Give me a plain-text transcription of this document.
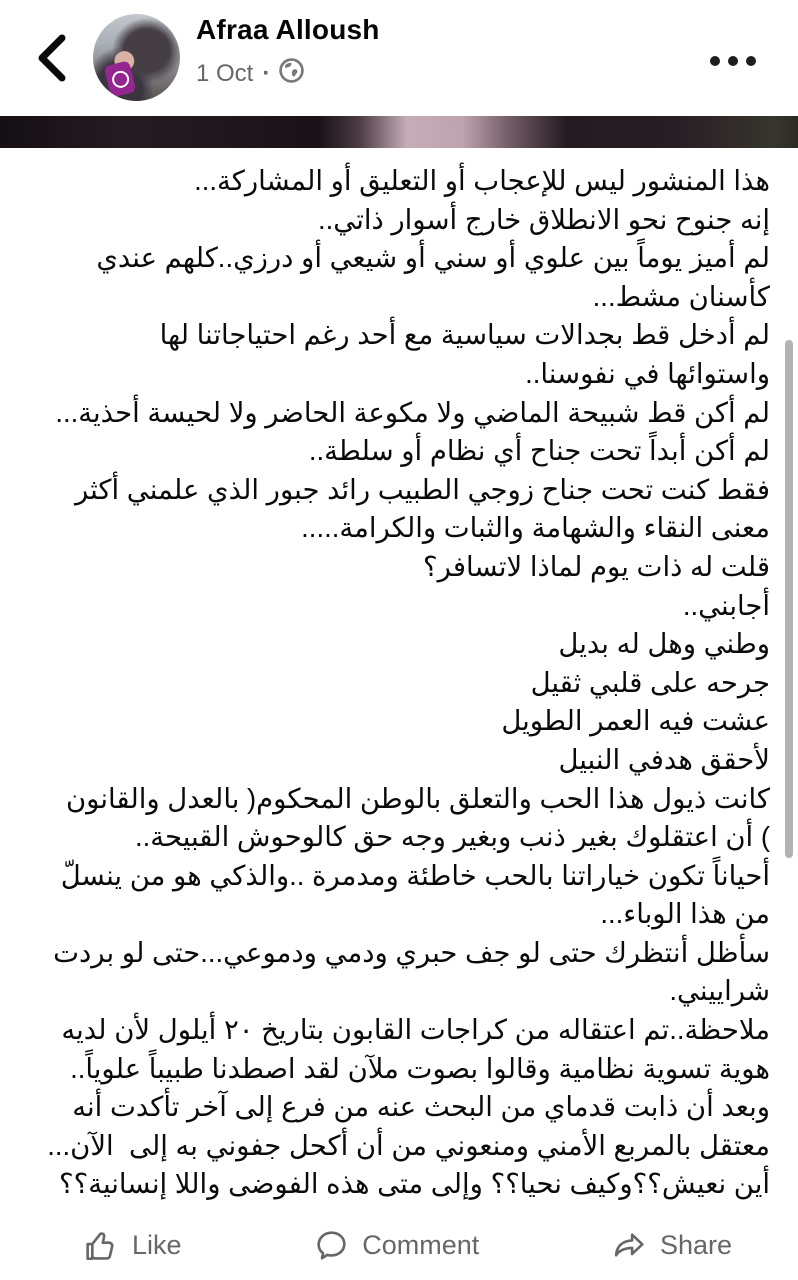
Afraa Alloush
1 Oct ·
هذا المنشور ليس للإعجاب أو التعليق أو المشاركة...
إنه جنوح نحو الانطلاق خارج أسوار ذاتي..
لم أميز يوماً بين علوي أو سني أو شيعي أو درزي..كلهم عندي
كأسنان مشط...
لم أدخل قط بجدالات سياسية مع أحد رغم احتياجاتنا لها
واستوائها في نفوسنا..
لم أكن قط شبيحة الماضي ولا مكوعة الحاضر ولا لحيسة أحذية...
لم أكن أبداً تحت جناح أي نظام أو سلطة..
فقط كنت تحت جناح زوجي الطبيب رائد جبور الذي علمني أكثر
معنى النقاء والشهامة والثبات والكرامة.....
قلت له ذات يوم لماذا لاتسافر؟
أجابني..
وطني وهل له بديل
جرحه على قلبي ثقيل
عشت فيه العمر الطويل
لأحقق هدفي النبيل
كانت ذيول هذا الحب والتعلق بالوطن المحكوم( بالعدل والقانون
) أن اعتقلوك بغير ذنب وبغير وجه حق كالوحوش القبيحة..
أحياناً تكون خياراتنا بالحب خاطئة ومدمرة ..والذكي هو من ينسلّ
من هذا الوباء...
سأظل أنتظرك حتى لو جف حبري ودمي ودموعي...حتى لو بردت
شراييني.
ملاحظة..تم اعتقاله من كراجات القابون بتاريخ ٢٠ أيلول لأن لديه
هوية تسوية نظامية وقالوا بصوت ملآن لقد اصطدنا طبيباً علوياً..
وبعد أن ذابت قدماي من البحث عنه من فرع إلى آخر تأكدت أنه
معتقل بالمربع الأمني ومنعوني من أن أكحل جفوني به إلى  الآن...
أين نعيش؟؟وكيف نحيا؟؟ وإلى متى هذه الفوضى واللا إنسانية؟؟
Like	Comment	Share
